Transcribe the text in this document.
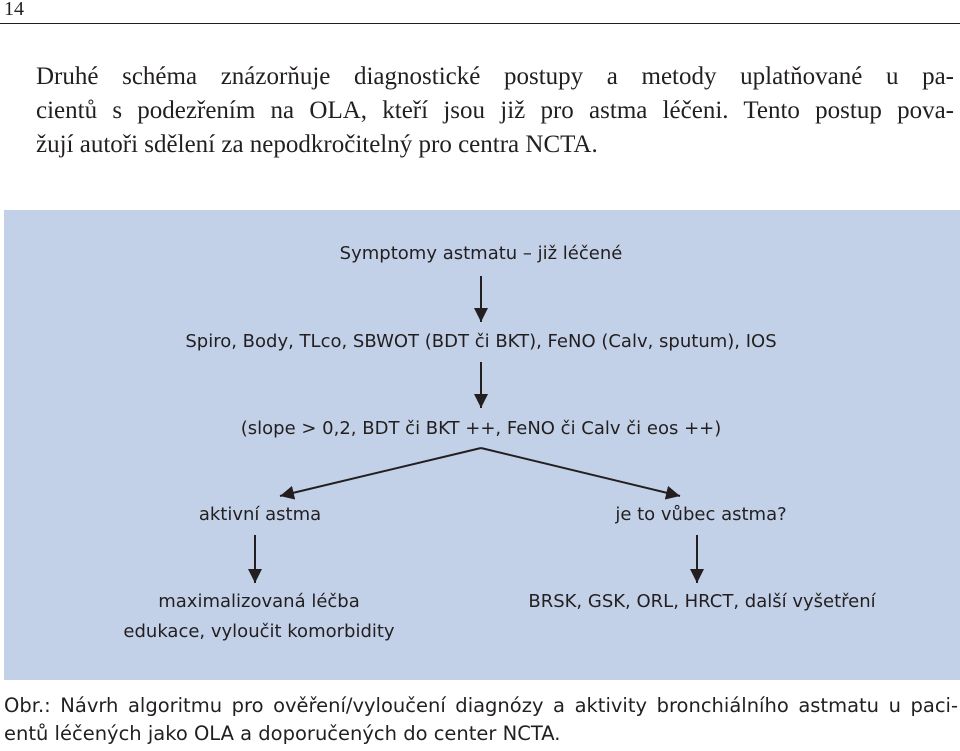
14
Druhé schéma znázorňuje diagnostické postupy a metody uplatňované u pa-
cientů s podezřením na OLA, kteří jsou již pro astma léčeni. Tento postup pova-
žují autoři sdělení za nepodkročitelný pro centra NCTA.
Symptomy astmatu – již léčené
Spiro, Body, TLco, SBWOT (BDT či BKT), FeNO (Calv, sputum), IOS
(slope > 0,2, BDT či BKT ++, FeNO či Calv či eos ++)
aktivní astma	je to vůbec astma?
maximalizovaná léčba
edukace, vyloučit komorbidity
BRSK, GSK, ORL, HRCT, další vyšetření
Obr.: Návrh algoritmu pro ověření/vyloučení diagnózy a aktivity bronchiálního astmatu u paci-
entů léčených jako OLA a doporučených do center NCTA.
